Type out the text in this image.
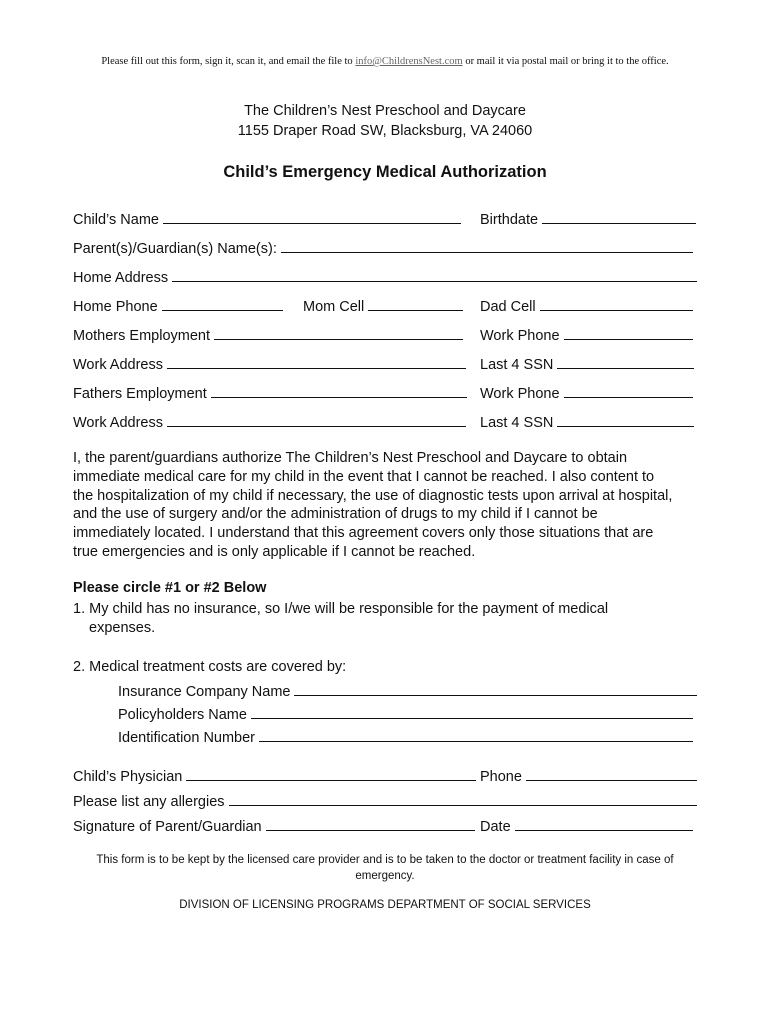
Please fill out this form, sign it, scan it, and email the file to info@ChildrensNest.com or mail it via postal mail or bring it to the office.
The Children’s Nest Preschool and Daycare
1155 Draper Road SW, Blacksburg, VA 24060
Child’s Emergency Medical Authorization
Child’s Name	Birthdate
Parent(s)/Guardian(s) Name(s):
Home Address
Home Phone	Mom Cell	Dad Cell
Mothers Employment	Work Phone
Work Address	Last 4 SSN
Fathers Employment	Work Phone
Work Address	Last 4 SSN
I, the parent/guardians authorize The Children’s Nest Preschool and Daycare to obtain
immediate medical care for my child in the event that I cannot be reached. I also content to
the hospitalization of my child if necessary, the use of diagnostic tests upon arrival at hospital,
and the use of surgery and/or the administration of drugs to my child if I cannot be
immediately located. I understand that this agreement covers only those situations that are
true emergencies and is only applicable if I cannot be reached.
Please circle #1 or #2 Below
1. My child has no insurance, so I/we will be responsible for the payment of medical
expenses.
2. Medical treatment costs are covered by:
Insurance Company Name
Policyholders Name
Identification Number
Child’s Physician	Phone
Please list any allergies
Signature of Parent/Guardian	Date
This form is to be kept by the licensed care provider and is to be taken to the doctor or treatment facility in case of emergency.
DIVISION OF LICENSING PROGRAMS DEPARTMENT OF SOCIAL SERVICES
